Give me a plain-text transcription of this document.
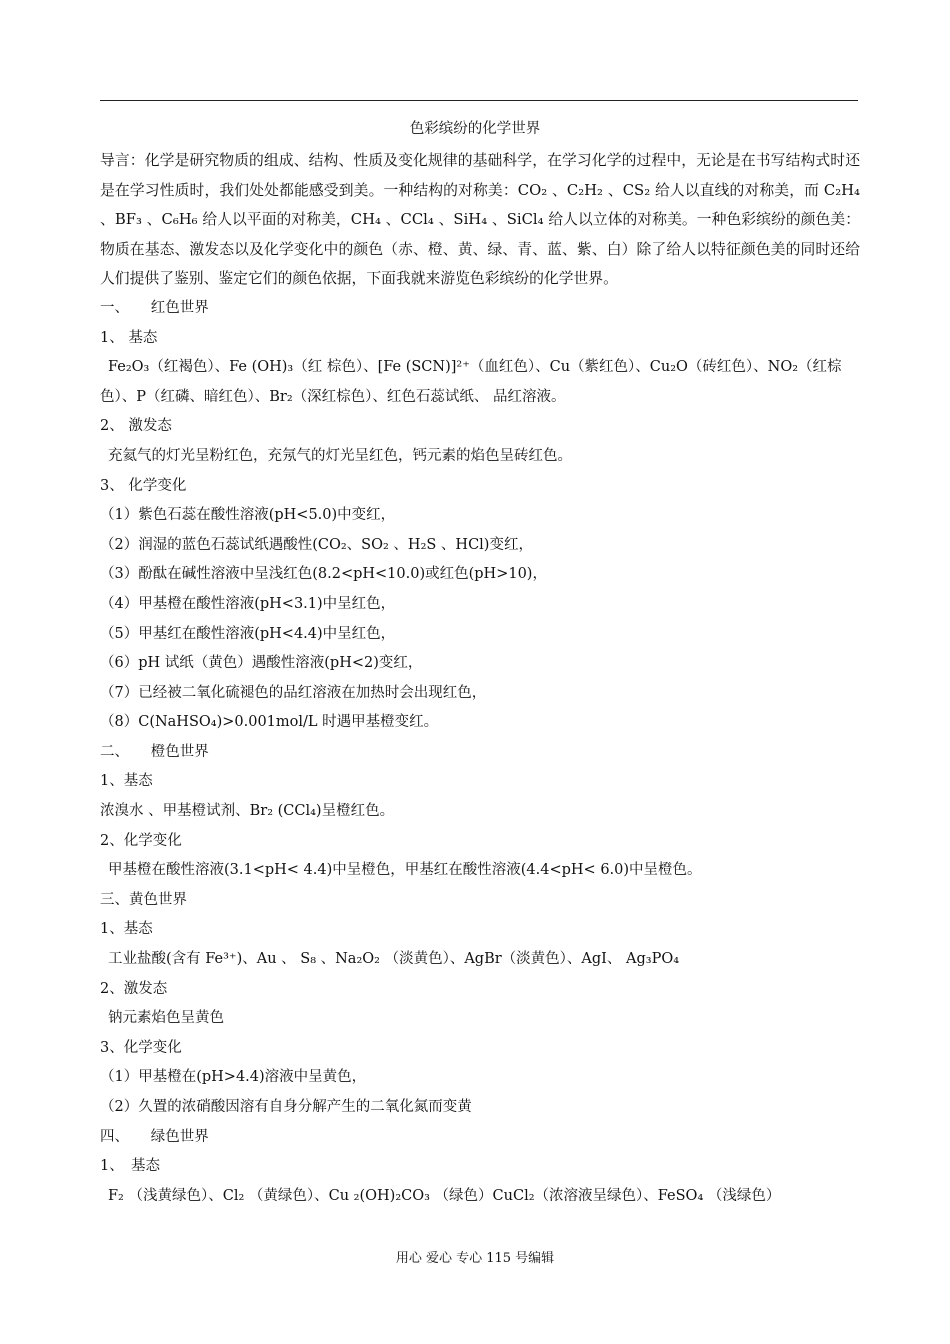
色彩缤纷的化学世界
导言：化学是研究物质的组成、结构、性质及变化规律的基础科学，在学习化学的过程中，无论是在书写结构式时还是在学习性质时，我们处处都能感受到美。一种结构的对称美：CO₂ 、C₂H₂ 、CS₂ 给人以直线的对称美，而 C₂H₄ 、BF₃ 、C₆H₆ 给人以平面的对称美，CH₄ 、CCl₄ 、SiH₄ 、SiCl₄ 给人以立体的对称美。一种色彩缤纷的颜色美：物质在基态、激发态以及化学变化中的颜色（赤、橙、黄、绿、青、蓝、紫、白）除了给人以特征颜色美的同时还给人们提供了鉴别、鉴定它们的颜色依据，下面我就来游览色彩缤纷的化学世界。
一、　　红色世界
1、 基态
Fe₂O₃（红褐色）、Fe (OH)₃（红 棕色）、[Fe (SCN)]²⁺（血红色）、Cu（紫红色）、Cu₂O（砖红色）、NO₂（红棕
色）、P（红磷、暗红色）、Br₂（深红棕色）、红色石蕊试纸、 品红溶液。
2、 激发态
充氦气的灯光呈粉红色，充氖气的灯光呈红色，钙元素的焰色呈砖红色。
3、 化学变化
（1）紫色石蕊在酸性溶液(pH<5.0)中变红，
（2）润湿的蓝色石蕊试纸遇酸性(CO₂、SO₂ 、H₂S 、HCl)变红，
（3）酚酞在碱性溶液中呈浅红色(8.2<pH<10.0)或红色(pH>10)，
（4）甲基橙在酸性溶液(pH<3.1)中呈红色，
（5）甲基红在酸性溶液(pH<4.4)中呈红色，
（6）pH 试纸（黄色）遇酸性溶液(pH<2)变红，
（7）已经被二氧化硫褪色的品红溶液在加热时会出现红色，
（8）C(NaHSO₄)>0.001mol/L 时遇甲基橙变红。
二、　　橙色世界
1、基态
浓溴水 、甲基橙试剂、Br₂ (CCl₄)呈橙红色。
2、化学变化
甲基橙在酸性溶液(3.1<pH< 4.4)中呈橙色，甲基红在酸性溶液(4.4<pH< 6.0)中呈橙色。
三、黄色世界
1、基态
工业盐酸(含有 Fe³⁺)、Au 、 S₈ 、Na₂O₂ （淡黄色）、AgBr（淡黄色）、AgI、 Ag₃PO₄
2、激发态
钠元素焰色呈黄色
3、化学变化
（1）甲基橙在(pH>4.4)溶液中呈黄色，
（2）久置的浓硝酸因溶有自身分解产生的二氧化氮而变黄
四、　　绿色世界
1、　基态
F₂ （浅黄绿色）、Cl₂ （黄绿色）、Cu ₂(OH)₂CO₃ （绿色）CuCl₂（浓溶液呈绿色）、FeSO₄ （浅绿色）
用心 爱心 专心 115 号编辑
